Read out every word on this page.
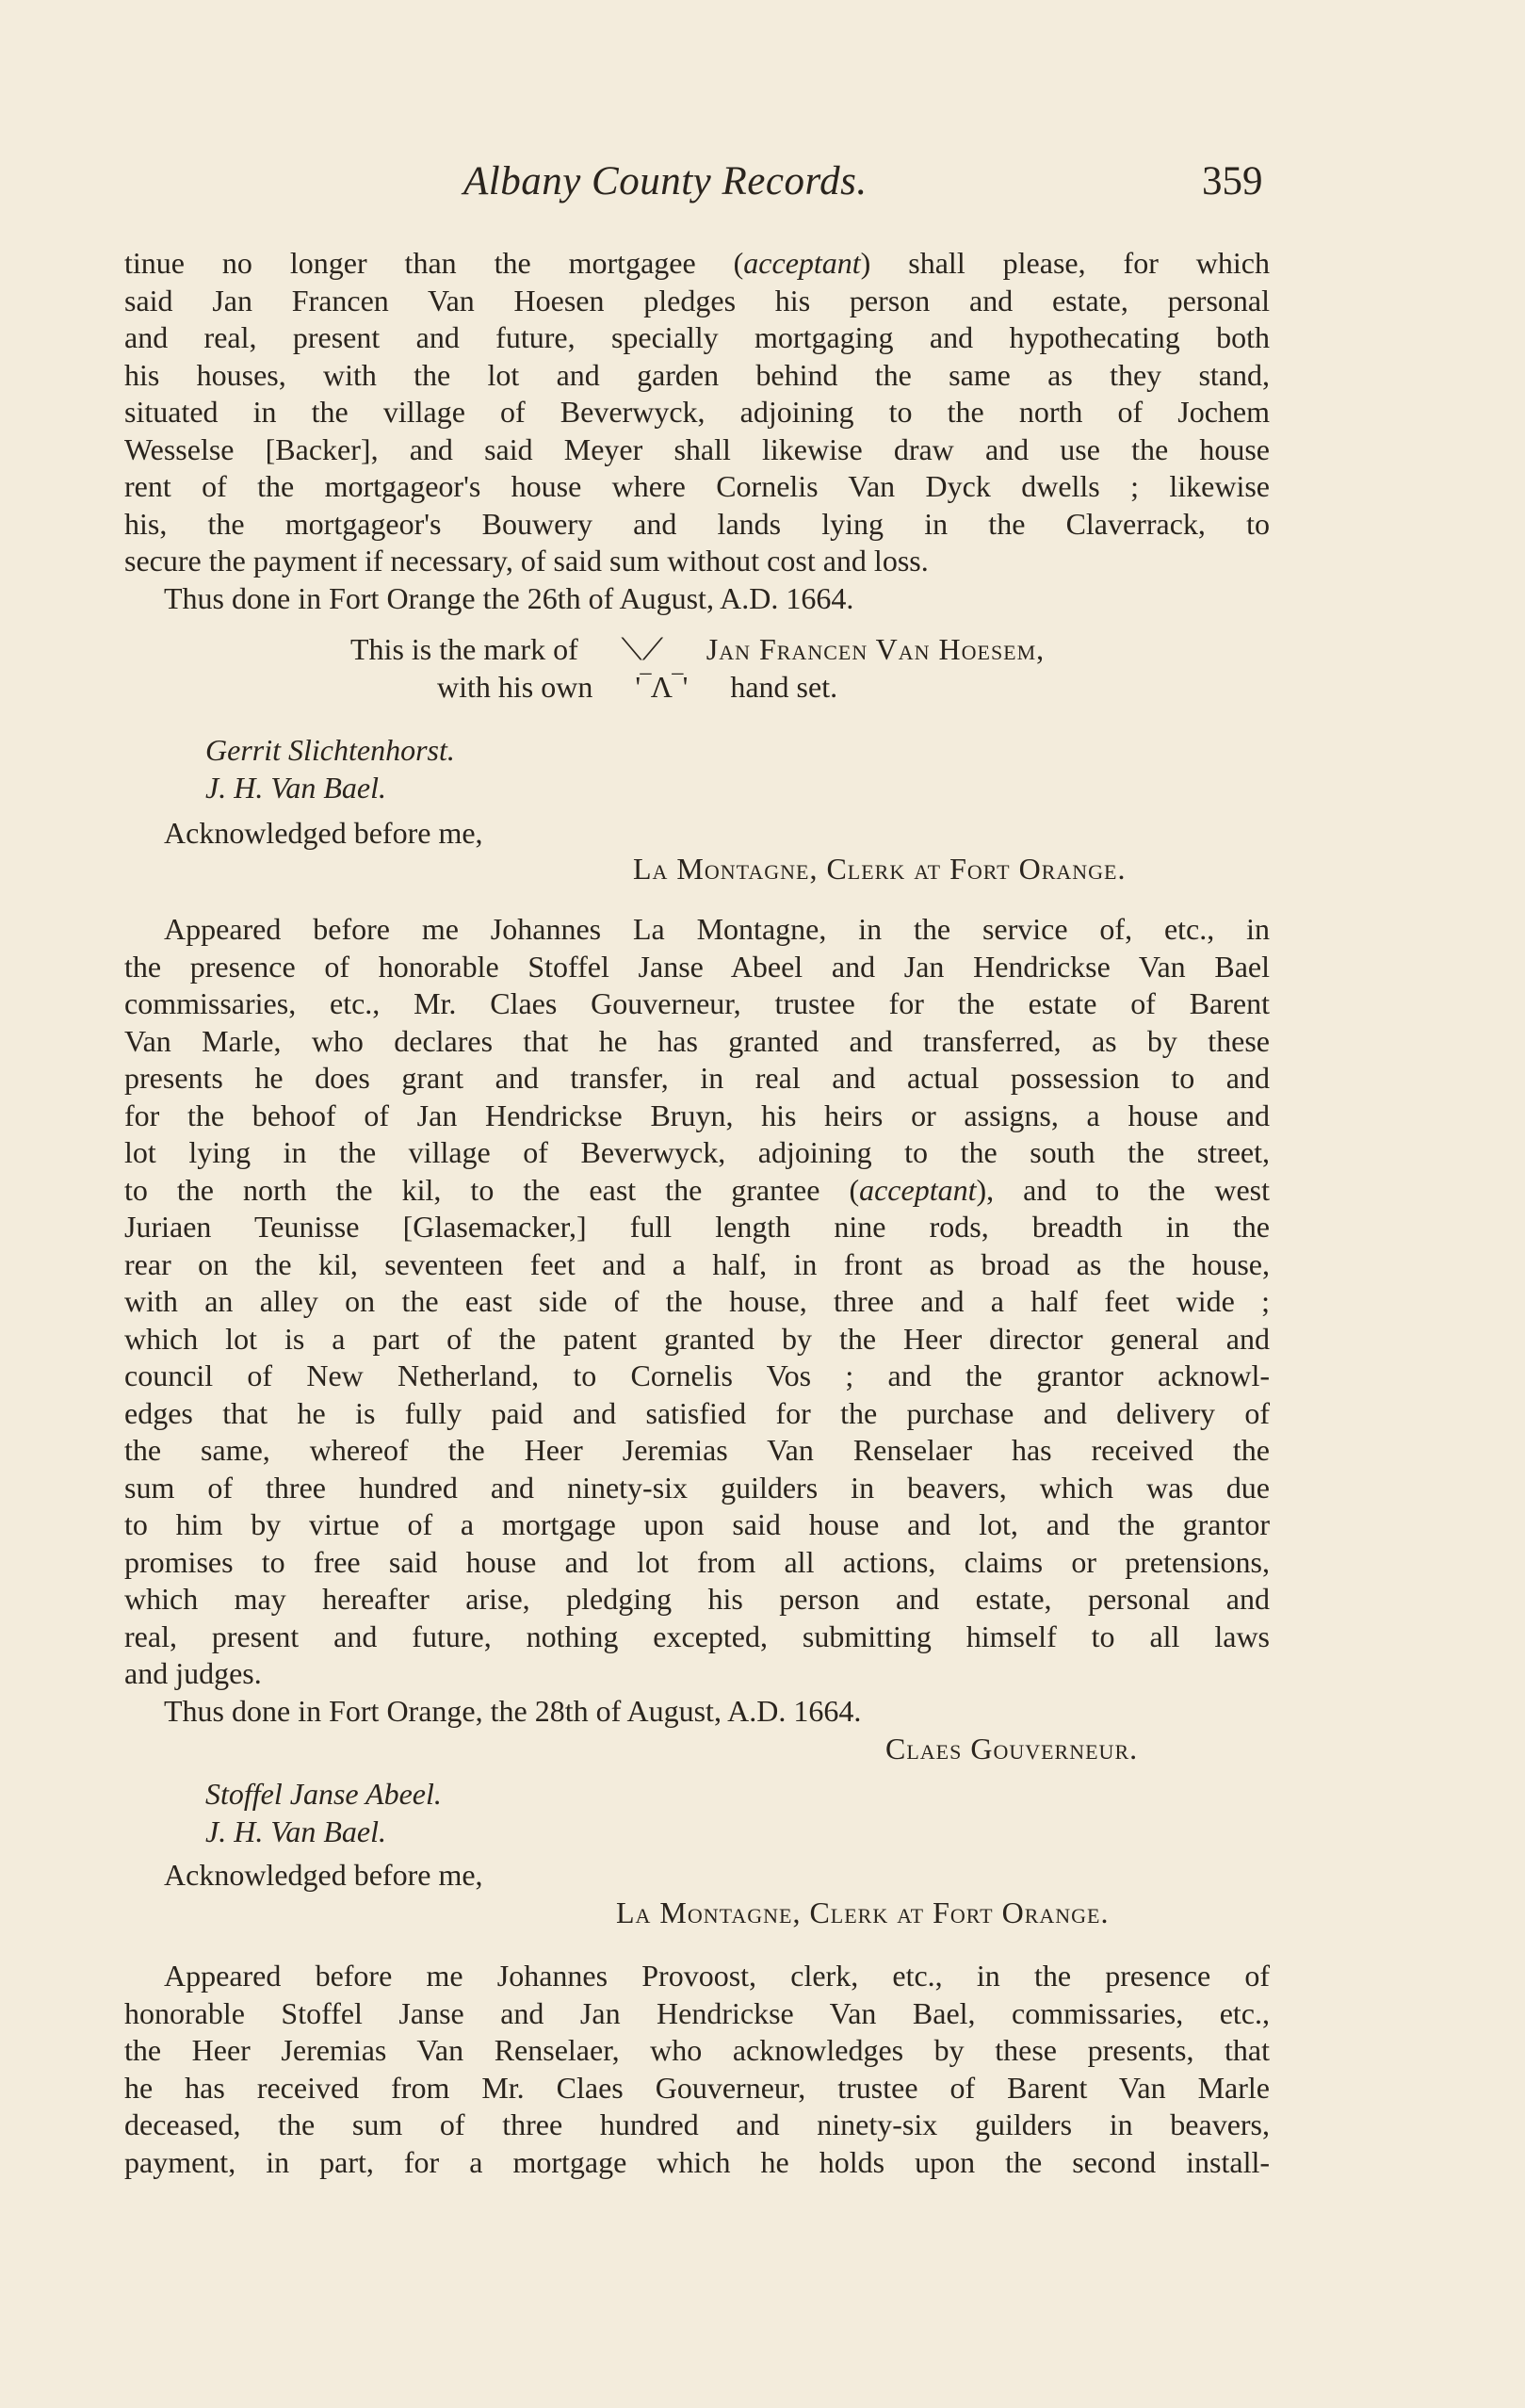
Albany County Records.	359
tinue no longer than the mortgagee (acceptant) shall please, for which
said Jan Francen Van Hoesen pledges his person and estate, personal
and real, present and future, specially mortgaging and hypothecating both
his houses, with the lot and garden behind the same as they stand,
situated in the village of Beverwyck, adjoining to the north of Jochem
Wesselse [Backer], and said Meyer shall likewise draw and use the house
rent of the mortgageor's house where Cornelis Van Dyck dwells ; likewise
his, the mortgageor's Bouwery and lands lying in the Claverrack, to
secure the payment if necessary, of said sum without cost and loss.
Thus done in Fort Orange the 26th of August, A.D. 1664.
This is the mark of ⟍⟋ Jan Francen Van Hoesem,
with his own '‾Λ‾' hand set.
Gerrit Slichtenhorst.
J. H. Van Bael.
Acknowledged before me,
La Montagne, Clerk at Fort Orange.
Appeared before me Johannes La Montagne, in the service of, etc., in
the presence of honorable Stoffel Janse Abeel and Jan Hendrickse Van Bael
commissaries, etc., Mr. Claes Gouverneur, trustee for the estate of Barent
Van Marle, who declares that he has granted and transferred, as by these
presents he does grant and transfer, in real and actual possession to and
for the behoof of Jan Hendrickse Bruyn, his heirs or assigns, a house and
lot lying in the village of Beverwyck, adjoining to the south the street,
to the north the kil, to the east the grantee (acceptant), and to the west
Juriaen Teunisse [Glasemacker,] full length nine rods, breadth in the
rear on the kil, seventeen feet and a half, in front as broad as the house,
with an alley on the east side of the house, three and a half feet wide ;
which lot is a part of the patent granted by the Heer director general and
council of New Netherland, to Cornelis Vos ; and the grantor acknowl-
edges that he is fully paid and satisfied for the purchase and delivery of
the same, whereof the Heer Jeremias Van Renselaer has received the
sum of three hundred and ninety-six guilders in beavers, which was due
to him by virtue of a mortgage upon said house and lot, and the grantor
promises to free said house and lot from all actions, claims or pretensions,
which may hereafter arise, pledging his person and estate, personal and
real, present and future, nothing excepted, submitting himself to all laws
and judges.
Thus done in Fort Orange, the 28th of August, A.D. 1664.
Claes Gouverneur.
Stoffel Janse Abeel.
J. H. Van Bael.
Acknowledged before me,
La Montagne, Clerk at Fort Orange.
Appeared before me Johannes Provoost, clerk, etc., in the presence of
honorable Stoffel Janse and Jan Hendrickse Van Bael, commissaries, etc.,
the Heer Jeremias Van Renselaer, who acknowledges by these presents, that
he has received from Mr. Claes Gouverneur, trustee of Barent Van Marle
deceased, the sum of three hundred and ninety-six guilders in beavers,
payment, in part, for a mortgage which he holds upon the second install-
